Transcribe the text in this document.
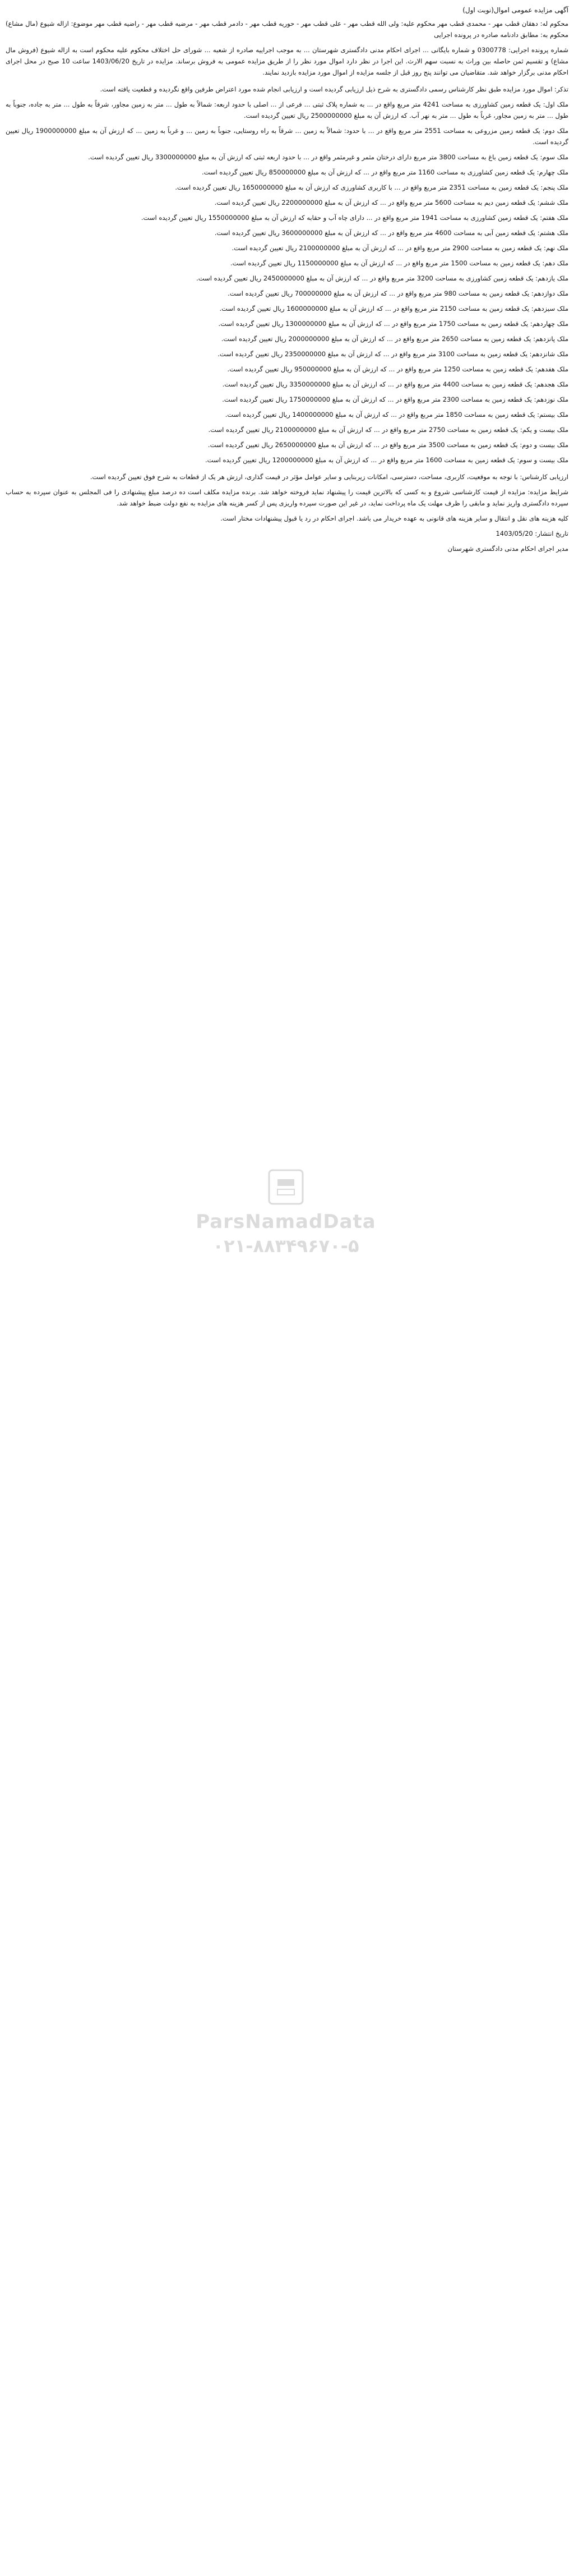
آگهی مزایده عمومی اموال(نوبت اول)

محکوم له: دهقان قطب مهر - محمدی قطب مهر محکوم علیه: ولی الله قطب مهر - علی قطب مهر - حوریه قطب مهر - دادمر قطب مهر - مرضیه قطب مهر - راضیه قطب مهر موضوع: ازاله شیوع (مال مشاع) محکوم به: مطابق دادنامه صادره در پرونده اجرایی

شماره پرونده اجرایی: 0300778 و شماره بایگانی ... اجرای احکام مدنی دادگستری شهرستان ... به موجب اجراییه صادره از شعبه ... شورای حل اختلاف محکوم علیه محکوم است به ازاله شیوع (فروش مال مشاع) و تقسیم ثمن حاصله بین وراث به نسبت سهم الارث. این اجرا در نظر دارد اموال مورد نظر را از طریق مزایده عمومی به فروش برساند. مزایده در تاریخ 1403/06/20 ساعت 10 صبح در محل اجرای احکام مدنی برگزار خواهد شد. متقاضیان می توانند پنج روز قبل از جلسه مزایده از اموال مورد مزایده بازدید نمایند.

تذکر: اموال مورد مزایده طبق نظر کارشناس رسمی دادگستری به شرح ذیل ارزیابی گردیده است و ارزیابی انجام شده مورد اعتراض طرفین واقع نگردیده و قطعیت یافته است.

ملک اول: یک قطعه زمین کشاورزی به مساحت 4241 متر مربع واقع در ... به شماره پلاک ثبتی ... فرعی از ... اصلی با حدود اربعه: شمالاً به طول ... متر به زمین مجاور، شرقاً به طول ... متر به جاده، جنوباً به طول ... متر به زمین مجاور، غرباً به طول ... متر به نهر آب. که ارزش آن به مبلغ 2500000000 ریال تعیین گردیده است.

ملک دوم: یک قطعه زمین مزروعی به مساحت 2551 متر مربع واقع در ... با حدود: شمالاً به زمین ... شرقاً به راه روستایی، جنوباً به زمین ... و غرباً به زمین ... که ارزش آن به مبلغ 1900000000 ریال تعیین گردیده است.

ملک سوم: یک قطعه زمین باغ به مساحت 3800 متر مربع دارای درختان مثمر و غیرمثمر واقع در ... با حدود اربعه ثبتی که ارزش آن به مبلغ 3300000000 ریال تعیین گردیده است.

ملک چهارم: یک قطعه زمین کشاورزی به مساحت 1160 متر مربع واقع در ... که ارزش آن به مبلغ 850000000 ریال تعیین گردیده است.

ملک پنجم: یک قطعه زمین به مساحت 2351 متر مربع واقع در ... با کاربری کشاورزی که ارزش آن به مبلغ 1650000000 ریال تعیین گردیده است.

ملک ششم: یک قطعه زمین دیم به مساحت 5600 متر مربع واقع در ... که ارزش آن به مبلغ 2200000000 ریال تعیین گردیده است.

ملک هفتم: یک قطعه زمین کشاورزی به مساحت 1941 متر مربع واقع در ... دارای چاه آب و حقابه که ارزش آن به مبلغ 1550000000 ریال تعیین گردیده است.

ملک هشتم: یک قطعه زمین آبی به مساحت 4600 متر مربع واقع در ... که ارزش آن به مبلغ 3600000000 ریال تعیین گردیده است.

ملک نهم: یک قطعه زمین به مساحت 2900 متر مربع واقع در ... که ارزش آن به مبلغ 2100000000 ریال تعیین گردیده است.

ملک دهم: یک قطعه زمین به مساحت 1500 متر مربع واقع در ... که ارزش آن به مبلغ 1150000000 ریال تعیین گردیده است.

ملک یازدهم: یک قطعه زمین کشاورزی به مساحت 3200 متر مربع واقع در ... که ارزش آن به مبلغ 2450000000 ریال تعیین گردیده است.

ملک دوازدهم: یک قطعه زمین به مساحت 980 متر مربع واقع در ... که ارزش آن به مبلغ 700000000 ریال تعیین گردیده است.

ملک سیزدهم: یک قطعه زمین به مساحت 2150 متر مربع واقع در ... که ارزش آن به مبلغ 1600000000 ریال تعیین گردیده است.

ملک چهاردهم: یک قطعه زمین به مساحت 1750 متر مربع واقع در ... که ارزش آن به مبلغ 1300000000 ریال تعیین گردیده است.

ملک پانزدهم: یک قطعه زمین به مساحت 2650 متر مربع واقع در ... که ارزش آن به مبلغ 2000000000 ریال تعیین گردیده است.

ملک شانزدهم: یک قطعه زمین به مساحت 3100 متر مربع واقع در ... که ارزش آن به مبلغ 2350000000 ریال تعیین گردیده است.

ملک هفدهم: یک قطعه زمین به مساحت 1250 متر مربع واقع در ... که ارزش آن به مبلغ 950000000 ریال تعیین گردیده است.

ملک هجدهم: یک قطعه زمین به مساحت 4400 متر مربع واقع در ... که ارزش آن به مبلغ 3350000000 ریال تعیین گردیده است.

ملک نوزدهم: یک قطعه زمین به مساحت 2300 متر مربع واقع در ... که ارزش آن به مبلغ 1750000000 ریال تعیین گردیده است.

ملک بیستم: یک قطعه زمین به مساحت 1850 متر مربع واقع در ... که ارزش آن به مبلغ 1400000000 ریال تعیین گردیده است.

ملک بیست و یکم: یک قطعه زمین به مساحت 2750 متر مربع واقع در ... که ارزش آن به مبلغ 2100000000 ریال تعیین گردیده است.

ملک بیست و دوم: یک قطعه زمین به مساحت 3500 متر مربع واقع در ... که ارزش آن به مبلغ 2650000000 ریال تعیین گردیده است.

ملک بیست و سوم: یک قطعه زمین به مساحت 1600 متر مربع واقع در ... که ارزش آن به مبلغ 1200000000 ریال تعیین گردیده است.

ارزیابی کارشناس: با توجه به موقعیت، کاربری، مساحت، دسترسی، امکانات زیربنایی و سایر عوامل مؤثر در قیمت گذاری، ارزش هر یک از قطعات به شرح فوق تعیین گردیده است.

شرایط مزایده: مزایده از قیمت کارشناسی شروع و به کسی که بالاترین قیمت را پیشنهاد نماید فروخته خواهد شد. برنده مزایده مکلف است ده درصد مبلغ پیشنهادی را فی المجلس به عنوان سپرده به حساب سپرده دادگستری واریز نماید و مابقی را ظرف مهلت یک ماه پرداخت نماید، در غیر این صورت سپرده واریزی پس از کسر هزینه های مزایده به نفع دولت ضبط خواهد شد.

کلیه هزینه های نقل و انتقال و سایر هزینه های قانونی به عهده خریدار می باشد. اجرای احکام در رد یا قبول پیشنهادات مختار است.

تاریخ انتشار: 1403/05/20

مدیر اجرای احکام مدنی دادگستری شهرستان

ParsNamadData
۰۲۱-۸۸۳۴۹۶۷۰-۵
